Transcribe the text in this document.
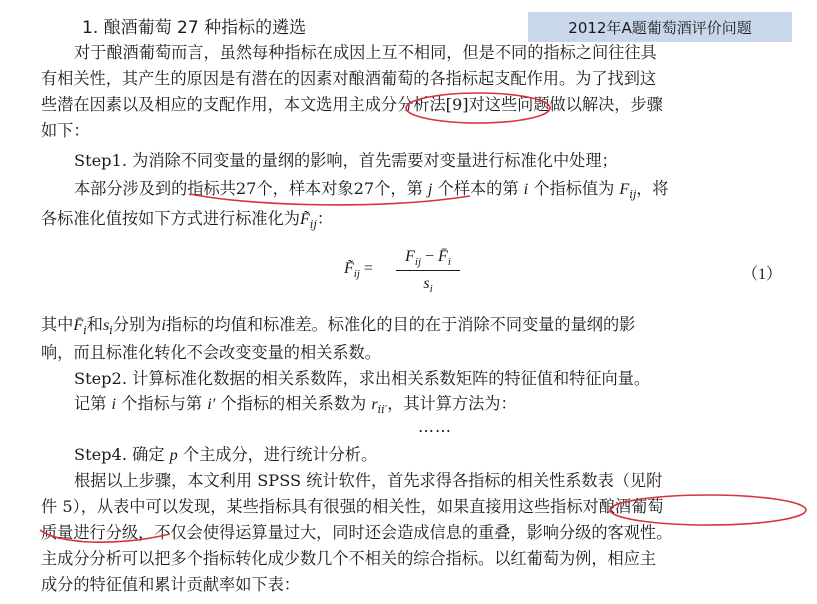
2012年A题葡萄酒评价问题
1. 酿酒葡萄 27 种指标的遴选
对于酿酒葡萄而言，虽然每种指标在成因上互不相同，但是不同的指标之间往往具
有相关性，其产生的原因是有潜在的因素对酿酒葡萄的各指标起支配作用。为了找到这
些潜在因素以及相应的支配作用，本文选用主成分分析法[9]对这些问题做以解决，步骤
如下：
Step1. 为消除不同变量的量纲的影响，首先需要对变量进行标准化中处理；
本部分涉及到的指标共27个，样本对象27个，第 j 个样本的第 i 个指标值为 $F_{ij}$，将
各标准化值按如下方式进行标准化为$F̃_{ij}$：
$F̃_{ij}$ =
$F_{ij}$ − $F̄_i$
$s_i$
（1）
其中$F̄_i$和$s_i$分别为i指标的均值和标准差。标准化的目的在于消除不同变量的量纲的影
响，而且标准化转化不会改变变量的相关系数。
Step2. 计算标准化数据的相关系数阵，求出相关系数矩阵的特征值和特征向量。
记第 i 个指标与第 i′ 个指标的相关系数为 $r_{ii'}$，其计算方法为：
……
Step4. 确定 p 个主成分，进行统计分析。
根据以上步骤，本文利用 SPSS 统计软件，首先求得各指标的相关性系数表（见附
件 5），从表中可以发现，某些指标具有很强的相关性，如果直接用这些指标对酿酒葡萄
质量进行分级，不仅会使得运算量过大，同时还会造成信息的重叠，影响分级的客观性。
主成分分析可以把多个指标转化成少数几个不相关的综合指标。以红葡萄为例，相应主
成分的特征值和累计贡献率如下表：
